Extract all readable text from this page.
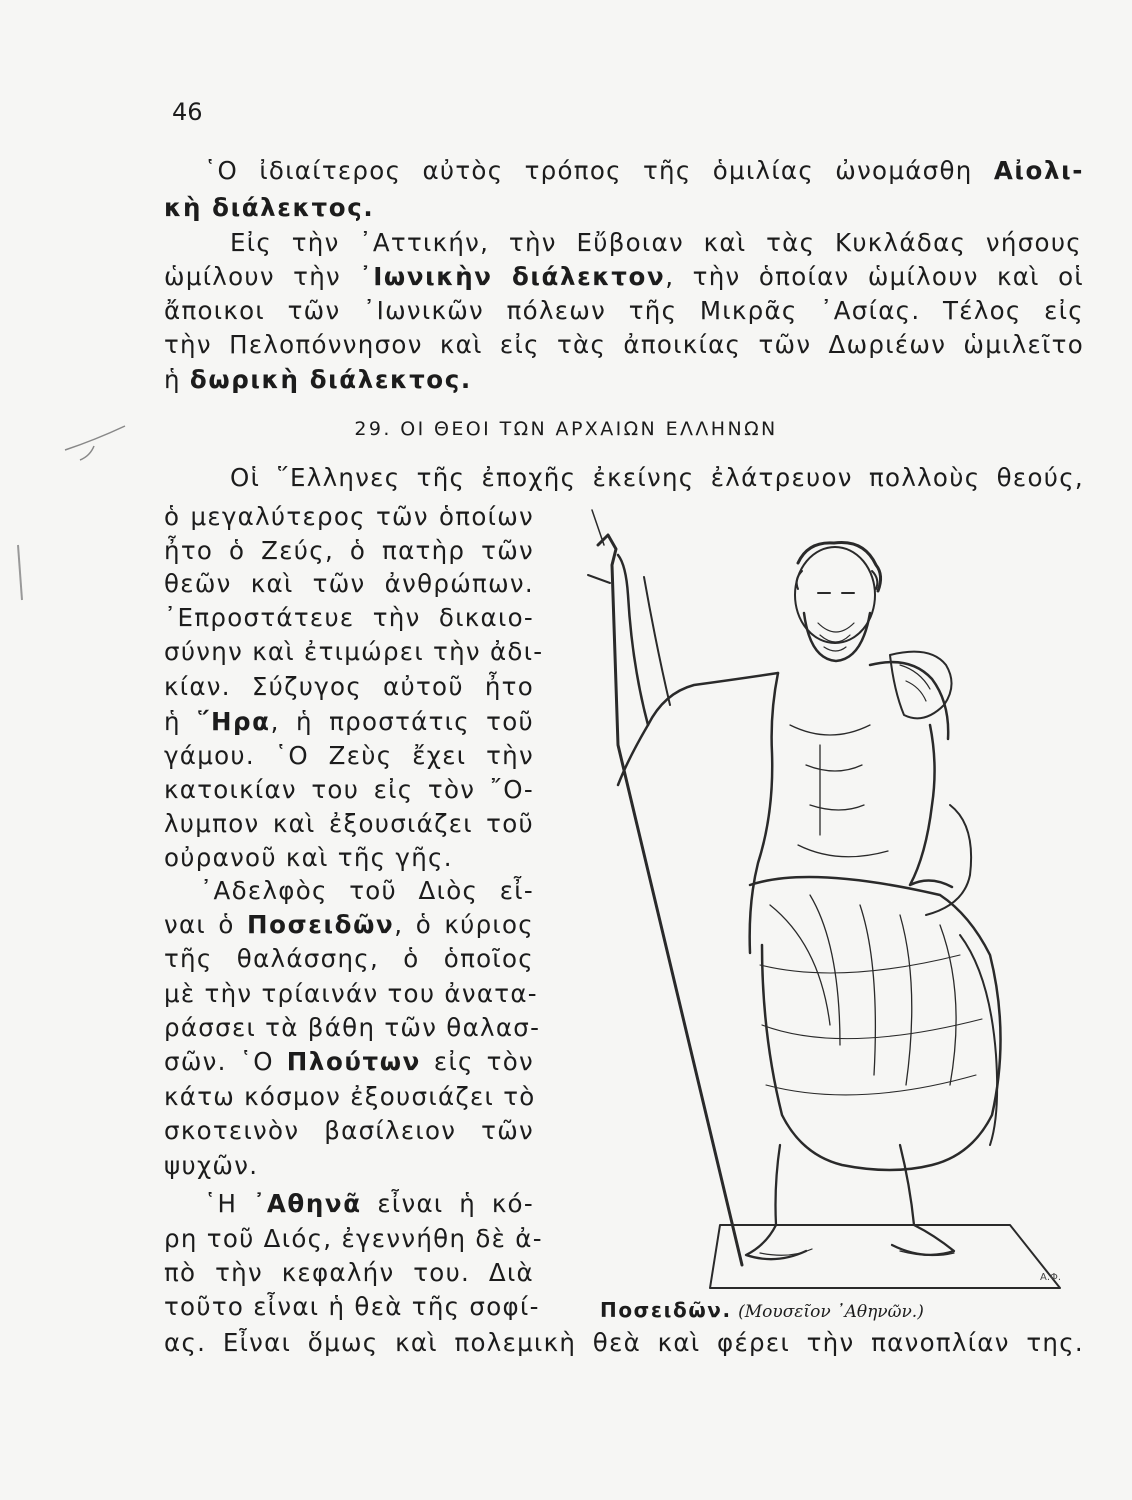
46
῾Ο ἰδιαίτερος αὐτὸς τρόπος τῆς ὁμιλίας ὠνομάσθη Αἰολι-
κὴ διάλεκτος.
Εἰς τὴν ᾿Αττικήν, τὴν Εὔβοιαν καὶ τὰς Κυκλάδας νήσους
ὡμίλουν τὴν ᾿Ιωνικὴν διάλεκτον, τὴν ὁποίαν ὡμίλουν καὶ οἱ
ἄποικοι τῶν ᾿Ιωνικῶν πόλεων τῆς Μικρᾶς ᾿Ασίας. Τέλος εἰς
τὴν Πελοπόννησον καὶ εἰς τὰς ἀποικίας τῶν Δωριέων ὡμιλεῖτο
ἡ δωρικὴ διάλεκτος.
29. ΟΙ ΘΕΟΙ ΤΩΝ ΑΡΧΑΙΩΝ ΕΛΛΗΝΩΝ
Οἱ ῞Ελληνες τῆς ἐποχῆς ἐκείνης ἐλάτρευον πολλοὺς θεούς,
ὁ μεγαλύτερος τῶν ὁποίων
ἦτο ὁ Ζεύς, ὁ πατὴρ τῶν
θεῶν καὶ τῶν ἀνθρώπων.
᾿Επροστάτευε τὴν δικαιο-
σύνην καὶ ἐτιμώρει τὴν ἀδι-
κίαν. Σύζυγος αὐτοῦ ἦτο
ἡ ῞Ηρα, ἡ προστάτις τοῦ
γάμου. ῾Ο Ζεὺς ἔχει τὴν
κατοικίαν του εἰς τὸν ῎Ο-
λυμπον καὶ ἐξουσιάζει τοῦ
οὐρανοῦ καὶ τῆς γῆς.
᾿Αδελφὸς τοῦ Διὸς εἶ-
ναι ὁ Ποσειδῶν, ὁ κύριος
τῆς θαλάσσης, ὁ ὁποῖος
μὲ τὴν τρίαινάν του ἀνατα-
ράσσει τὰ βάθη τῶν θαλασ-
σῶν. ῾Ο Πλούτων εἰς τὸν
κάτω κόσμον ἐξουσιάζει τὸ
σκοτεινὸν βασίλειον τῶν
ψυχῶν.
῾Η ᾿Αθηνᾶ εἶναι ἡ κό-
ρη τοῦ Διός, ἐγεννήθη δὲ ἀ-
πὸ τὴν κεφαλήν του. Διὰ
τοῦτο εἶναι ἡ θεὰ τῆς σοφί-
ας. Εἶναι ὅμως καὶ πολεμικὴ θεὰ καὶ φέρει τὴν πανοπλίαν της.
Α.Φ.
Ποσειδῶν. (Μουσεῖον ᾿Αθηνῶν.)
